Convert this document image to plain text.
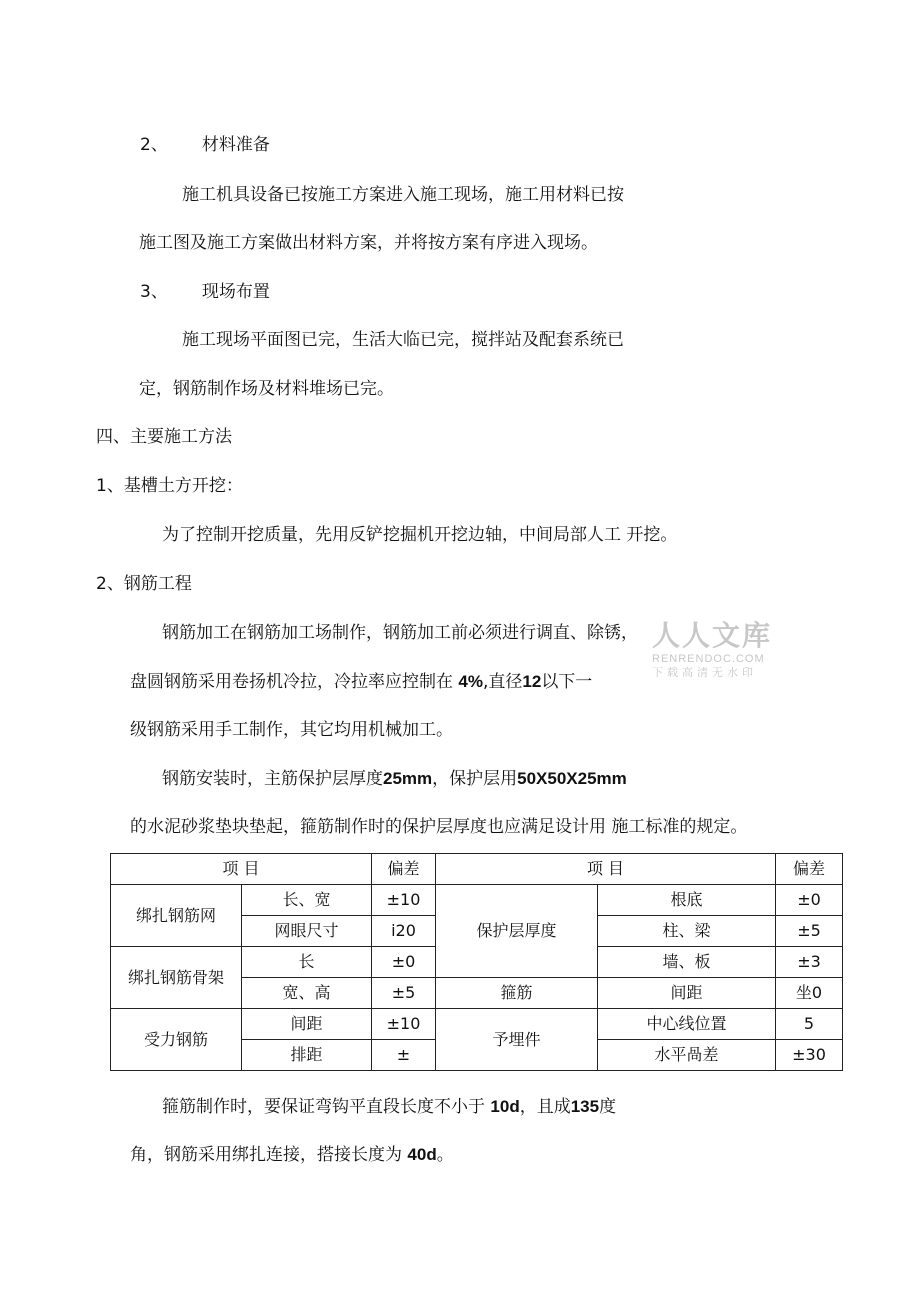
2、 材料准备
施工机具设备已按施工方案进入施工现场，施工用材料已按
施工图及施工方案做出材料方案，并将按方案有序进入现场。
3、 现场布置
施工现场平面图已完，生活大临已完，搅拌站及配套系统已
定，钢筋制作场及材料堆场已完。
四、主要施工方法
1、基槽土方开挖：
为了控制开挖质量，先用反铲挖掘机开挖边轴，中间局部人工 开挖。
2、钢筋工程
钢筋加工在钢筋加工场制作，钢筋加工前必须进行调直、除锈，
盘圆钢筋采用卷扬机冷拉，冷拉率应控制在 4%,直径12以下一
级钢筋采用手工制作，其它均用机械加工。
钢筋安装时，主筋保护层厚度25mm，保护层用50X50X25mm
的水泥砂浆垫块垫起，箍筋制作时的保护层厚度也应满足设计用 施工标准的规定。
项 目		偏差	项 目		偏差
绑扎钢筋网	长、宽	±10	保护层厚度	根底	±0
	网眼尺寸	i20		柱、梁	±5
绑扎钢筋骨架	长	±0		墙、板	±3
	宽、高	±5	箍筋	间距	坐0
受力钢筋	间距	±10	予埋件	中心线位置	5
	排距	±		水平咼差	±30
箍筋制作时，要保证弯钩平直段长度不小于 10d，且成135度
角，钢筋采用绑扎连接，搭接长度为 40d。
人人文库
RENRENDOC.COM
下载高清无水印
